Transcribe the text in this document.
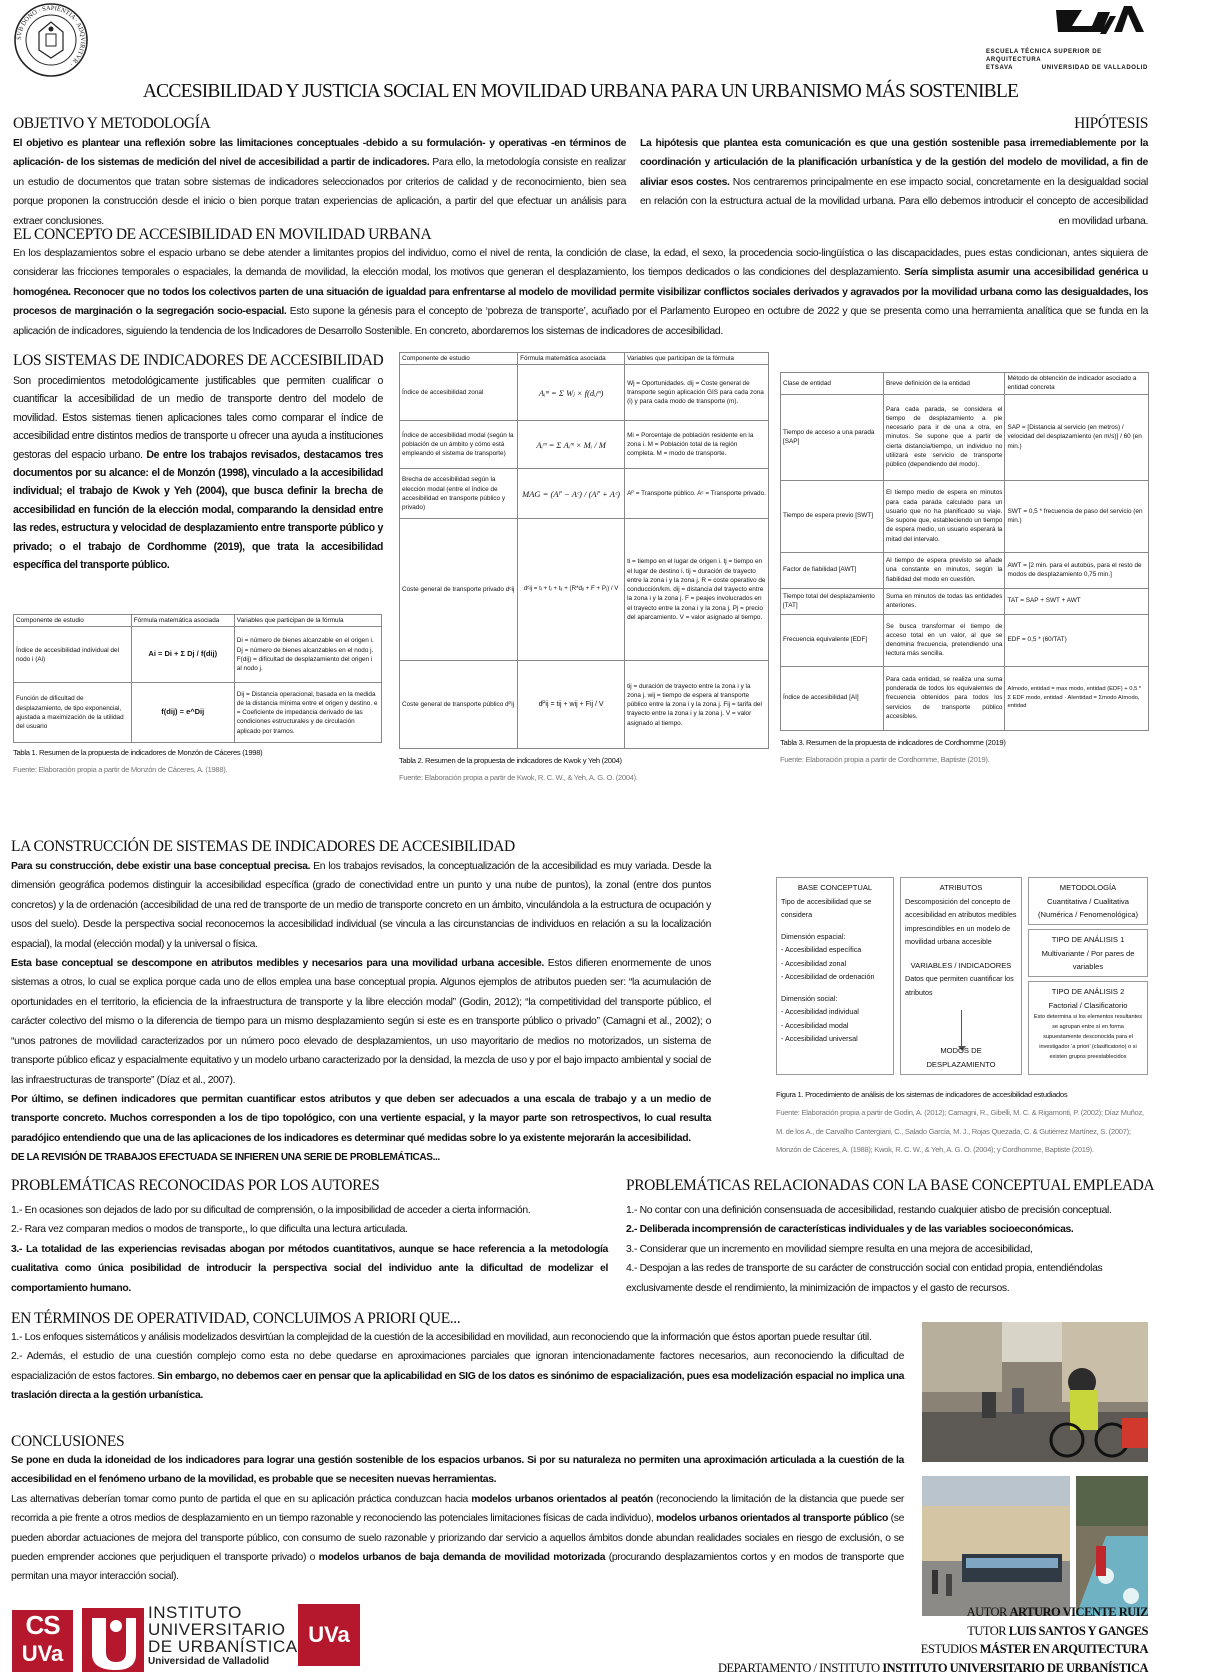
SVB DONO · SAPIENTIA · ADQVIRITVR ·
ESCUELA TÉCNICA SUPERIOR DE ARQUITECTURA
ETSAVA	UNIVERSIDAD DE VALLADOLID
ACCESIBILIDAD Y JUSTICIA SOCIAL EN MOVILIDAD URBANA PARA UN URBANISMO MÁS SOSTENIBLE
OBJETIVO Y METODOLOGÍA

El objetivo es plantear una reflexión sobre las limitaciones conceptuales -debido a su formulación- y operativas -en términos de aplicación- de los sistemas de medición del nivel de accesibilidad a partir de indicadores. Para ello, la metodología consiste en realizar un estudio de documentos que tratan sobre sistemas de indicadores seleccionados por criterios de calidad y de reconocimiento, bien sea porque proponen la construcción desde el inicio o bien porque tratan experiencias de aplicación, a partir del que efectuar un análisis para extraer conclusiones.

HIPÓTESIS

La hipótesis que plantea esta comunicación es que una gestión sostenible pasa irremediablemente por la coordinación y articulación de la planificación urbanística y de la gestión del modelo de movilidad, a fin de aliviar esos costes. Nos centraremos principalmente en ese impacto social, concretamente en la desigualdad social en relación con la estructura actual de la movilidad urbana. Para ello debemos introducir el concepto de accesibilidad en movilidad urbana.

EL CONCEPTO DE ACCESIBILIDAD EN MOVILIDAD URBANA

En los desplazamientos sobre el espacio urbano se debe atender a limitantes propios del individuo, como el nivel de renta, la condición de clase, la edad, el sexo, la procedencia socio-lingüística o las discapacidades, pues estas condicionan, antes siquiera de considerar las fricciones temporales o espaciales, la demanda de movilidad, la elección modal, los motivos que generan el desplazamiento, los tiempos dedicados o las condiciones del desplazamiento. Sería simplista asumir una accesibilidad genérica u homogénea. Reconocer que no todos los colectivos parten de una situación de igualdad para enfrentarse al modelo de movilidad permite visibilizar conflictos sociales derivados y agravados por la movilidad urbana como las desigualdades, los procesos de marginación o la segregación socio-espacial. Esto supone la génesis para el concepto de ‘pobreza de transporte’, acuñado por el Parlamento Europeo en octubre de 2022 y que se presenta como una herramienta analítica que se funda en la aplicación de indicadores, siguiendo la tendencia de los Indicadores de Desarrollo Sostenible. En concreto, abordaremos los sistemas de indicadores de accesibilidad.

LOS SISTEMAS DE INDICADORES DE ACCESIBILIDAD

Son procedimientos metodológicamente justificables que permiten cualificar o cuantificar la accesibilidad de un medio de transporte dentro del modelo de movilidad. Estos sistemas tienen aplicaciones tales como comparar el índice de accesibilidad entre distintos medios de transporte u ofrecer una ayuda a instituciones gestoras del espacio urbano. De entre los trabajos revisados, destacamos tres documentos por su alcance: el de Monzón (1998), vinculado a la accesibilidad individual; el trabajo de Kwok y Yeh (2004), que busca definir la brecha de accesibilidad en función de la elección modal, comparando la densidad entre las redes, estructura y velocidad de desplazamiento entre transporte público y privado; o el trabajo de Cordhomme (2019), que trata la accesibilidad específica del transporte público.

Componente de estudio	Fórmula matemática asociada	Variables que participan de la fórmula
Índice de accesibilidad individual del nodo i (Ai)	Ai = Di + Σ Dj / f(dij)	Di = número de bienes alcanzable en el origen i. Dj = número de bienes alcanzables en el nodo j. F(dij) = dificultad de desplazamiento del origen i al nodo j.
Función de dificultad de desplazamiento, de tipo exponencial, ajustada a maximización de la utilidad del usuario	f(dij) = e^Dij	Dij = Distancia operacional, basada en la medida de la distancia mínima entre el origen y destino. e = Coeficiente de impedancia derivado de las condiciones estructurales y de circulación aplicado por tramos.

Tabla 1. Resumen de la propuesta de indicadores de Monzón de Cáceres (1998)

Fuente: Elaboración propia a partir de Monzón de Cáceres, A. (1988).

Componente de estudio	Fórmula matemática asociada	Variables que participan de la fórmula
Índice de accesibilidad zonal	Aᵢᵐ = Σ Wⱼ × f(dᵢⱼᵐ)	Wj = Oportunidades. dij = Coste general de transporte según aplicación GIS para cada zona (i) y para cada modo de transporte (m).
Índice de accesibilidad modal (según la población de un ámbito y cómo está empleando el sistema de transporte)	Aᵢᵐ = Σ Aᵢᵐ × Mᵢ / M	Mi = Porcentaje de población residente en la zona i. M = Población total de la región completa. M = modo de transporte.
Brecha de accesibilidad según la elección modal (entre el índice de accesibilidad en transporte público y privado)	MAG = (Aᴾ − Aᶜ) / (Aᴾ + Aᶜ)	Aᴾ = Transporte público. Aᶜ = Transporte privado.
Coste general de transporte privado dᶜij	dᶜij = tᵢ + tⱼ + tᵢⱼ + (R*dᵢⱼ + F + Pⱼ) / V	ti = tiempo en el lugar de origen i. tj = tiempo en el lugar de destino i. tij = duración de trayecto entre la zona i y la zona j. R = coste operativo de conducción/km. dij = distancia del trayecto entre la zona i y la zona j. F = peajes involucrados en el trayecto entre la zona i y la zona j. Pj = precio del aparcamiento. V = valor asignado al tiempo.
Coste general de transporte público dᴾij	dᴾij = tij + wij + Fij / V	tij = duración de trayecto entre la zona i y la zona j. wij = tiempo de espera al transporte público entre la zona i y la zona j. Fij = tarifa del trayecto entre la zona i y la zona j. V = valor asignado al tiempo.

Tabla 2. Resumen de la propuesta de indicadores de Kwok y Yeh (2004)

Fuente: Elaboración propia a partir de Kwok, R. C. W., & Yeh, A. G. O. (2004).

Clase de entidad	Breve definición de la entidad	Método de obtención de indicador asociado a entidad concreta
Tiempo de acceso a una parada [SAP]	Para cada parada, se considera el tiempo de desplazamiento a pie necesario para ir de una a otra, en minutos. Se supone que a partir de cierta distancia/tiempo, un individuo no utilizará este servicio de transporte público (dependiendo del modo).	SAP = [Distancia al servicio (en metros) / velocidad del desplazamiento (en m/s)] / 60 (en min.)
Tiempo de espera previo [SWT]	El tiempo medio de espera en minutos para cada parada calculado para un usuario que no ha planificado su viaje. Se supone que, estableciendo un tiempo de espera medio, un usuario esperará la mitad del intervalo.	SWT = 0,5 * frecuencia de paso del servicio (en min.)
Factor de fiabilidad [AWT]	Al tiempo de espera previsto se añade una constante en minutos, según la fiabilidad del modo en cuestión.	AWT = [2 min. para el autobús, para el resto de modos de desplazamiento 0,75 min.]
Tiempo total del desplazamiento [TAT]	Suma en minutos de todas las entidades anteriores.	TAT = SAP + SWT + AWT
Frecuencia equivalente [EDF]	Se busca transformar el tiempo de acceso total en un valor, al que se denomina frecuencia, pretendiendo una lectura más sencilla.	EDF = 0,5 * (60/TAT)
Índice de accesibilidad [AI]	Para cada entidad, se realiza una suma ponderada de todos los equivalentes de frecuencia obtenidos para todos los servicios de transporte público accesibles.	AImodo, entidad = max modo, entidad (EDF) + 0,5 * Σ EDF modo, entidad · AIentidad = Σmodo AImodo, entidad

Tabla 3. Resumen de la propuesta de indicadores de Cordhomme (2019)

Fuente: Elaboración propia a partir de Cordhomme, Baptiste (2019).

LA CONSTRUCCIÓN DE SISTEMAS DE INDICADORES DE ACCESIBILIDAD

Para su construcción, debe existir una base conceptual precisa. En los trabajos revisados, la conceptualización de la accesibilidad es muy variada. Desde la dimensión geográfica podemos distinguir la accesibilidad específica (grado de conectividad entre un punto y una nube de puntos), la zonal (entre dos puntos concretos) y la de ordenación (accesibilidad de una red de transporte de un medio de transporte concreto en un ámbito, vinculándola a la estructura de ocupación y usos del suelo). Desde la perspectiva social reconocemos la accesibilidad individual (se vincula a las circunstancias de individuos en relación a su la localización espacial), la modal (elección modal) y la universal o física.

Esta base conceptual se descompone en atributos medibles y necesarios para una movilidad urbana accesible. Estos difieren enormemente de unos sistemas a otros, lo cual se explica porque cada uno de ellos emplea una base conceptual propia. Algunos ejemplos de atributos pueden ser: “la acumulación de oportunidades en el territorio, la eficiencia de la infraestructura de transporte y la libre elección modal” (Godin, 2012); “la competitividad del transporte público, el carácter colectivo del mismo o la diferencia de tiempo para un mismo desplazamiento según si este es en transporte público o privado” (Camagni et al., 2002); o “unos patrones de movilidad caracterizados por un número poco elevado de desplazamientos, un uso mayoritario de medios no motorizados, un sistema de transporte público eficaz y espacialmente equitativo y un modelo urbano caracterizado por la densidad, la mezcla de uso y por el bajo impacto ambiental y social de las infraestructuras de transporte” (Díaz et al., 2007).

Por último, se definen indicadores que permitan cuantificar estos atributos y que deben ser adecuados a una escala de trabajo y a un medio de transporte concreto. Muchos corresponden a los de tipo topológico, con una vertiente espacial, y la mayor parte son retrospectivos, lo cual resulta paradójico entendiendo que una de las aplicaciones de los indicadores es determinar qué medidas sobre lo ya existente mejorarán la accesibilidad.

DE LA REVISIÓN DE TRABAJOS EFECTUADA SE INFIEREN UNA SERIE DE PROBLEMÁTICAS...

BASE CONCEPTUAL
Tipo de accesibilidad que se considera
Dimensión espacial:
- Accesibilidad específica
- Accesibilidad zonal
- Accesibilidad de ordenación
Dimensión social:
- Accesibilidad individual
- Accesibilidad modal
- Accesibilidad universal
ATRIBUTOS
Descomposición del concepto de accesibilidad en atributos medibles imprescindibles en un modelo de movilidad urbana accesible
VARIABLES / INDICADORES
Datos que permiten cuantificar los atributos
MODOS DE DESPLAZAMIENTO
METODOLOGÍA
Cuantitativa / Cualitativa
(Numérica / Fenomenológica)
TIPO DE ANÁLISIS 1
Multivariante / Por pares de variables
TIPO DE ANÁLISIS 2
Factorial / Clasificatorio
Esto determina si los elementos resultantes se agrupan entre sí en forma supuestamente desconocida para el investigador ‘a priori’ (clasificatorio) o si existen grupos preestablecidos

Figura 1. Procedimiento de análisis de los sistemas de indicadores de accesibilidad estudiados

Fuente: Elaboración propia a partir de Godin, A. (2012); Camagni, R., Gibelli, M. C. & Rigamonti, P. (2002); Díaz Muñoz, M. de los A., de Carvalho Cantergiani, C., Salado García, M. J., Rojas Quezada, C. & Gutiérrez Martínez, S. (2007); Monzón de Cáceres, A. (1988); Kwok, R. C. W., & Yeh, A. G. O. (2004); y Cordhomme, Baptiste (2019).

PROBLEMÁTICAS RECONOCIDAS POR LOS AUTORES

1.- En ocasiones son dejados de lado por su dificultad de comprensión, o la imposibilidad de acceder a cierta información.

2.- Rara vez comparan medios o modos de transporte,, lo que dificulta una lectura articulada.

3.- La totalidad de las experiencias revisadas abogan por métodos cuantitativos, aunque se hace referencia a la metodología cualitativa como única posibilidad de introducir la perspectiva social del individuo ante la dificultad de modelizar el comportamiento humano.

PROBLEMÁTICAS RELACIONADAS CON LA BASE CONCEPTUAL EMPLEADA

1.- No contar con una definición consensuada de accesibilidad, restando cualquier atisbo de precisión conceptual.

2.- Deliberada incomprensión de características individuales y de las variables socioeconómicas.

3.- Considerar que un incremento en movilidad siempre resulta en una mejora de accesibilidad,

4.- Despojan a las redes de transporte de su carácter de construcción social con entidad propia, entendiéndolas exclusivamente desde el rendimiento, la minimización de impactos y el gasto de recursos.

EN TÉRMINOS DE OPERATIVIDAD, CONCLUIMOS A PRIORI QUE...

1.- Los enfoques sistemáticos y análisis modelizados desvirtúan la complejidad de la cuestión de la accesibilidad en movilidad, aun reconociendo que la información que éstos aportan puede resultar útil.

2.- Además, el estudio de una cuestión complejo como esta no debe quedarse en aproximaciones parciales que ignoran intencionadamente factores necesarios, aun reconociendo la dificultad de espacialización de estos factores. Sin embargo, no debemos caer en pensar que la aplicabilidad en SIG de los datos es sinónimo de espacialización, pues esa modelización espacial no implica una traslación directa a la gestión urbanística.

CONCLUSIONES

Se pone en duda la idoneidad de los indicadores para lograr una gestión sostenible de los espacios urbanos. Si por su naturaleza no permiten una aproximación articulada a la cuestión de la accesibilidad en el fenómeno urbano de la movilidad, es probable que se necesiten nuevas herramientas.

Las alternativas deberían tomar como punto de partida el que en su aplicación práctica conduzcan hacia modelos urbanos orientados al peatón (reconociendo la limitación de la distancia que puede ser recorrida a pie frente a otros medios de desplazamiento en un tiempo razonable y reconociendo las potenciales limitaciones físicas de cada individuo), modelos urbanos orientados al transporte público (se pueden abordar actuaciones de mejora del transporte público, con consumo de suelo razonable y priorizando dar servicio a aquellos ámbitos donde abundan realidades sociales en riesgo de exclusión, o se pueden emprender acciones que perjudiquen el transporte privado) o modelos urbanos de baja demanda de movilidad motorizada (procurando desplazamientos cortos y en modos de transporte que permitan una mayor interacción social).

CS
UVa
INSTITUTO
UNIVERSITARIO
DE URBANÍSTICA
Universidad de Valladolid
UVa
AUTOR ARTURO VICENTE RUIZ
TUTOR LUIS SANTOS Y GANGES
ESTUDIOS MÁSTER EN ARQUITECTURA
DEPARTAMENTO / INSTITUTO INSTITUTO UNIVERSITARIO DE URBANÍSTICA
